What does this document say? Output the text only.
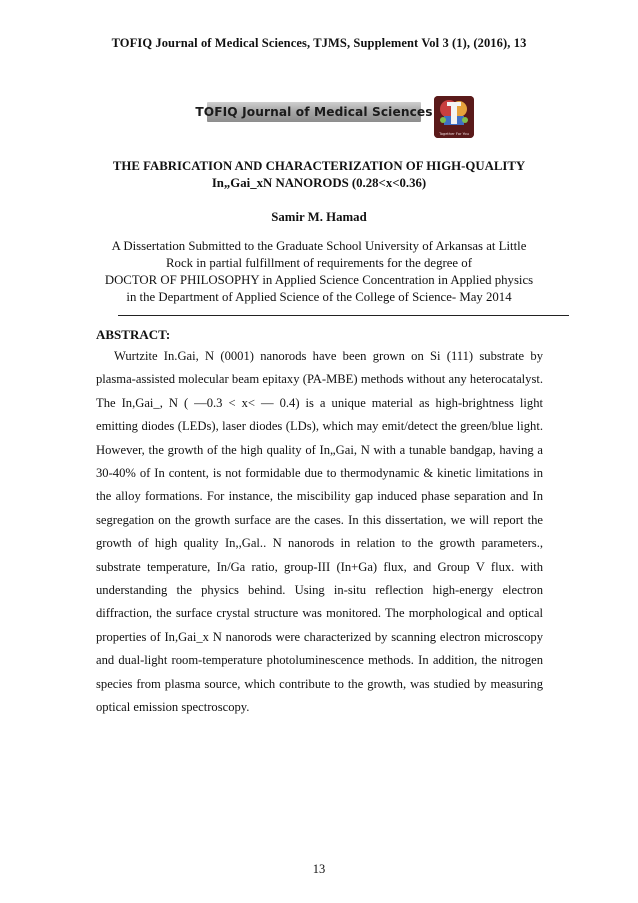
TOFIQ Journal of Medical Sciences, TJMS, Supplement Vol 3 (1), (2016), 13
TOFIQ Journal of Medical Sciences
Together For You
THE FABRICATION AND CHARACTERIZATION OF HIGH-QUALITY
In„Gai_xN NANORODS (0.28<x<0.36)
Samir M. Hamad
A Dissertation Submitted to the Graduate School University of Arkansas at Little
Rock in partial fulfillment of requirements for the degree of
DOCTOR OF PHILOSOPHY in Applied Science Concentration in Applied physics
in the Department of Applied Science of the College of Science- May 2014
ABSTRACT:

Wurtzite In.Gai, N (0001) nanorods have been grown on Si (111) substrate by plasma-assisted molecular beam epitaxy (PA-MBE) methods without any heterocatalyst. The In,Gai_, N ( —0.3 < x< — 0.4) is a unique material as high-brightness light emitting diodes (LEDs), laser diodes (LDs), which may emit/detect the green/blue light. However, the growth of the high quality of In„Gai, N with a tunable bandgap, having a 30-40% of In content, is not formidable due to thermodynamic & kinetic limitations in the alloy formations. For instance, the miscibility gap induced phase separation and In segregation on the growth surface are the cases. In this dissertation, we will report the growth of high quality In,,Gal.. N nanorods in relation to the growth parameters., substrate temperature, In/Ga ratio, group-III (In+Ga) flux, and Group V flux. with understanding the physics behind. Using in-situ reflection high-energy electron diffraction, the surface crystal structure was monitored. The morphological and optical properties of In,Gai_x N nanorods were characterized by scanning electron microscopy and dual-light room-temperature photoluminescence methods. In addition, the nitrogen species from plasma source, which contribute to the growth, was studied by measuring optical emission spectroscopy.

13
